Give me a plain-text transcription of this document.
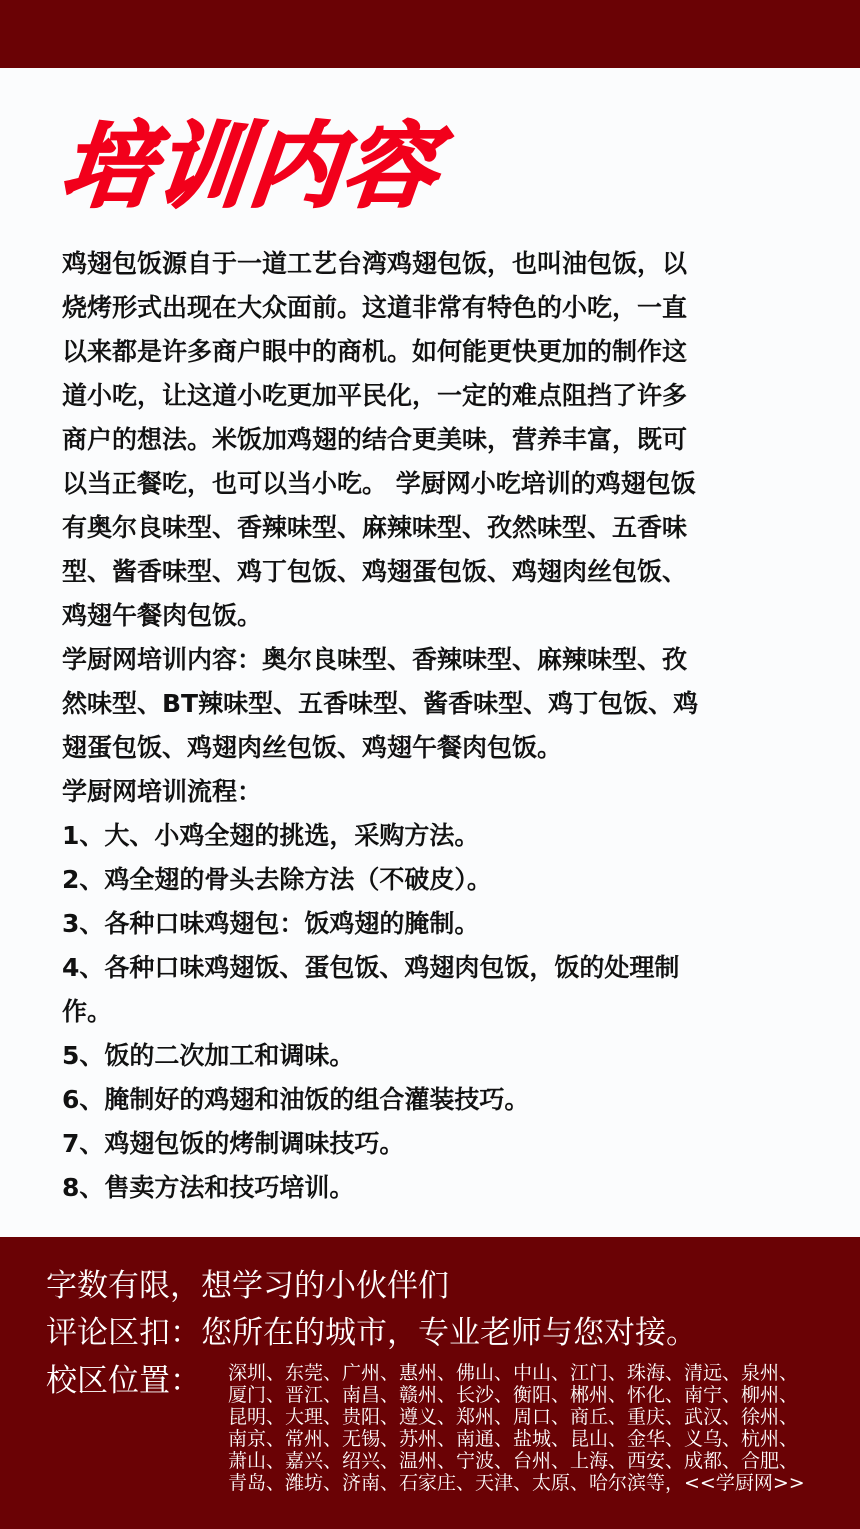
培训内容
鸡翅包饭源自于一道工艺台湾鸡翅包饭，也叫油包饭，以
烧烤形式出现在大众面前。这道非常有特色的小吃，一直
以来都是许多商户眼中的商机。如何能更快更加的制作这
道小吃，让这道小吃更加平民化，一定的难点阻挡了许多
商户的想法。米饭加鸡翅的结合更美味，营养丰富，既可
以当正餐吃，也可以当小吃。 学厨网小吃培训的鸡翅包饭
有奥尔良味型、香辣味型、麻辣味型、孜然味型、五香味
型、酱香味型、鸡丁包饭、鸡翅蛋包饭、鸡翅肉丝包饭、
鸡翅午餐肉包饭。
学厨网培训内容：奥尔良味型、香辣味型、麻辣味型、孜
然味型、BT辣味型、五香味型、酱香味型、鸡丁包饭、鸡
翅蛋包饭、鸡翅肉丝包饭、鸡翅午餐肉包饭。
学厨网培训流程：
1、大、小鸡全翅的挑选，采购方法。
2、鸡全翅的骨头去除方法（不破皮）。
3、各种口味鸡翅包：饭鸡翅的腌制。
4、各种口味鸡翅饭、蛋包饭、鸡翅肉包饭，饭的处理制
作。
5、饭的二次加工和调味。
6、腌制好的鸡翅和油饭的组合灌装技巧。
7、鸡翅包饭的烤制调味技巧。
8、售卖方法和技巧培训。
字数有限，想学习的小伙伴们
评论区扣：您所在的城市，专业老师与您对接。
校区位置： 深圳、东莞、广州、惠州、佛山、中山、江门、珠海、清远、泉州、
厦门、晋江、南昌、赣州、长沙、衡阳、郴州、怀化、南宁、柳州、
昆明、大理、贵阳、遵义、郑州、周口、商丘、重庆、武汉、徐州、
南京、常州、无锡、苏州、南通、盐城、昆山、金华、义乌、杭州、
萧山、嘉兴、绍兴、温州、宁波、台州、上海、西安、成都、合肥、
青岛、潍坊、济南、石家庄、天津、太原、哈尔滨等，<<学厨网>>
